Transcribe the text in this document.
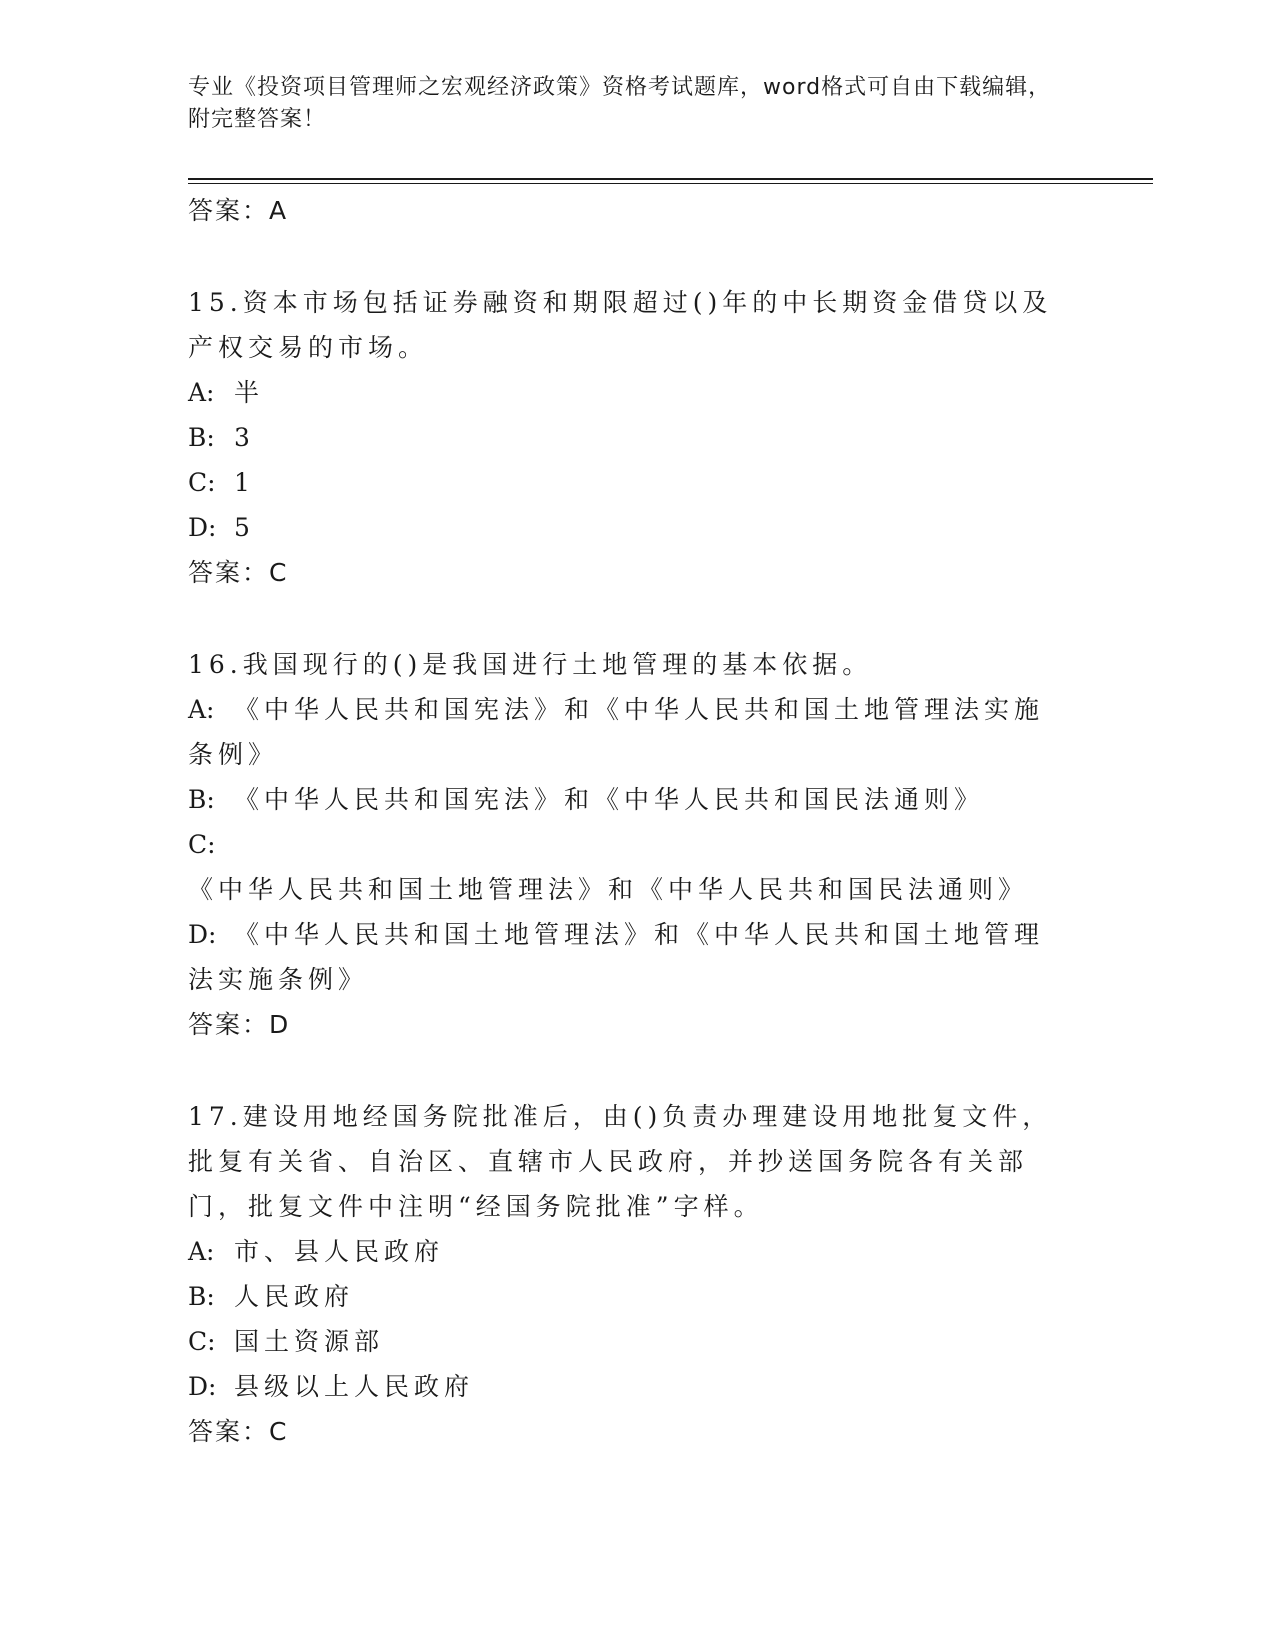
专业《投资项目管理师之宏观经济政策》资格考试题库，word格式可自由下载编辑，附完整答案！

答案：A

15.资本市场包括证券融资和期限超过()年的中长期资金借贷以及产权交易的市场。

A: 半

B: 3

C: 1

D: 5

答案：C

16.我国现行的()是我国进行土地管理的基本依据。

A: 《中华人民共和国宪法》和《中华人民共和国土地管理法实施条例》

B: 《中华人民共和国宪法》和《中华人民共和国民法通则》

C:《中华人民共和国土地管理法》和《中华人民共和国民法通则》

D: 《中华人民共和国土地管理法》和《中华人民共和国土地管理法实施条例》

答案：D

17.建设用地经国务院批准后，由()负责办理建设用地批复文件，批复有关省、自治区、直辖市人民政府，并抄送国务院各有关部门，批复文件中注明“经国务院批准”字样。

A: 市、县人民政府

B: 人民政府

C: 国土资源部

D: 县级以上人民政府

答案：C
